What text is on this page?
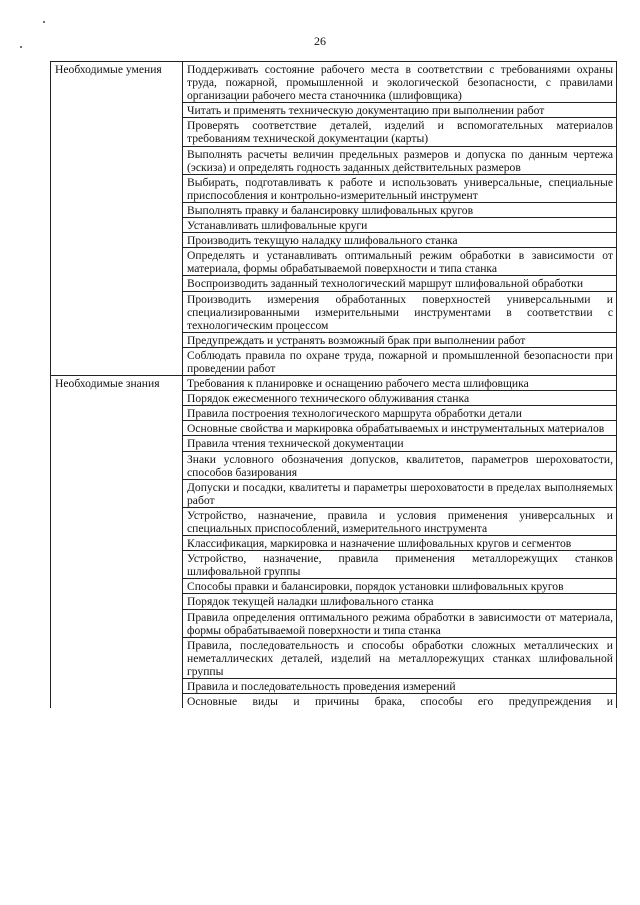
26
Необходимые умения	Поддерживать состояние рабочего места в соответствии с требованиями охраны труда, пожарной, промышленной и экологической безопасности, с правилами организации рабочего места станочника (шлифовщика)
	Читать и применять техническую документацию при выполнении работ
	Проверять соответствие деталей, изделий и вспомогательных материалов требованиям технической документации (карты)
	Выполнять расчеты величин предельных размеров и допуска по данным чертежа (эскиза) и определять годность заданных действительных размеров
	Выбирать, подготавливать к работе и использовать универсальные, специальные приспособления и контрольно-измерительный инструмент
	Выполнять правку и балансировку шлифовальных кругов
	Устанавливать шлифовальные круги
	Производить текущую наладку шлифовального станка
	Определять и устанавливать оптимальный режим обработки в зависимости от материала, формы обрабатываемой поверхности и типа станка
	Воспроизводить заданный технологический маршрут шлифовальной обработки
	Производить измерения обработанных поверхностей универсальными и специализированными измерительными инструментами в соответствии с технологическим процессом
	Предупреждать и устранять возможный брак при выполнении работ
	Соблюдать правила по охране труда, пожарной и промышленной безопасности при проведении работ
Необходимые знания	Требования к планировке и оснащению рабочего места шлифовщика
	Порядок ежесменного технического облуживания станка
	Правила построения технологического маршрута обработки детали
	Основные свойства и маркировка обрабатываемых и инструментальных материалов
	Правила чтения технической документации
	Знаки условного обозначения допусков, квалитетов, параметров шероховатости, способов базирования
	Допуски и посадки, квалитеты и параметры шероховатости в пределах выполняемых работ
	Устройство, назначение, правила и условия применения универсальных и специальных приспособлений, измерительного инструмента
	Классификация, маркировка и назначение шлифовальных кругов и сегментов
	Устройство, назначение, правила применения металлорежущих станков шлифовальной группы
	Способы правки и балансировки, порядок установки шлифовальных кругов
	Порядок текущей наладки шлифовального станка
	Правила определения оптимального режима обработки в зависимости от материала, формы обрабатываемой поверхности и типа станка
	Правила, последовательность и способы обработки сложных металлических и неметаллических деталей, изделий на металлорежущих станках шлифовальной группы
	Правила и последовательность проведения измерений
	Основные виды и причины брака, способы его предупреждения и
